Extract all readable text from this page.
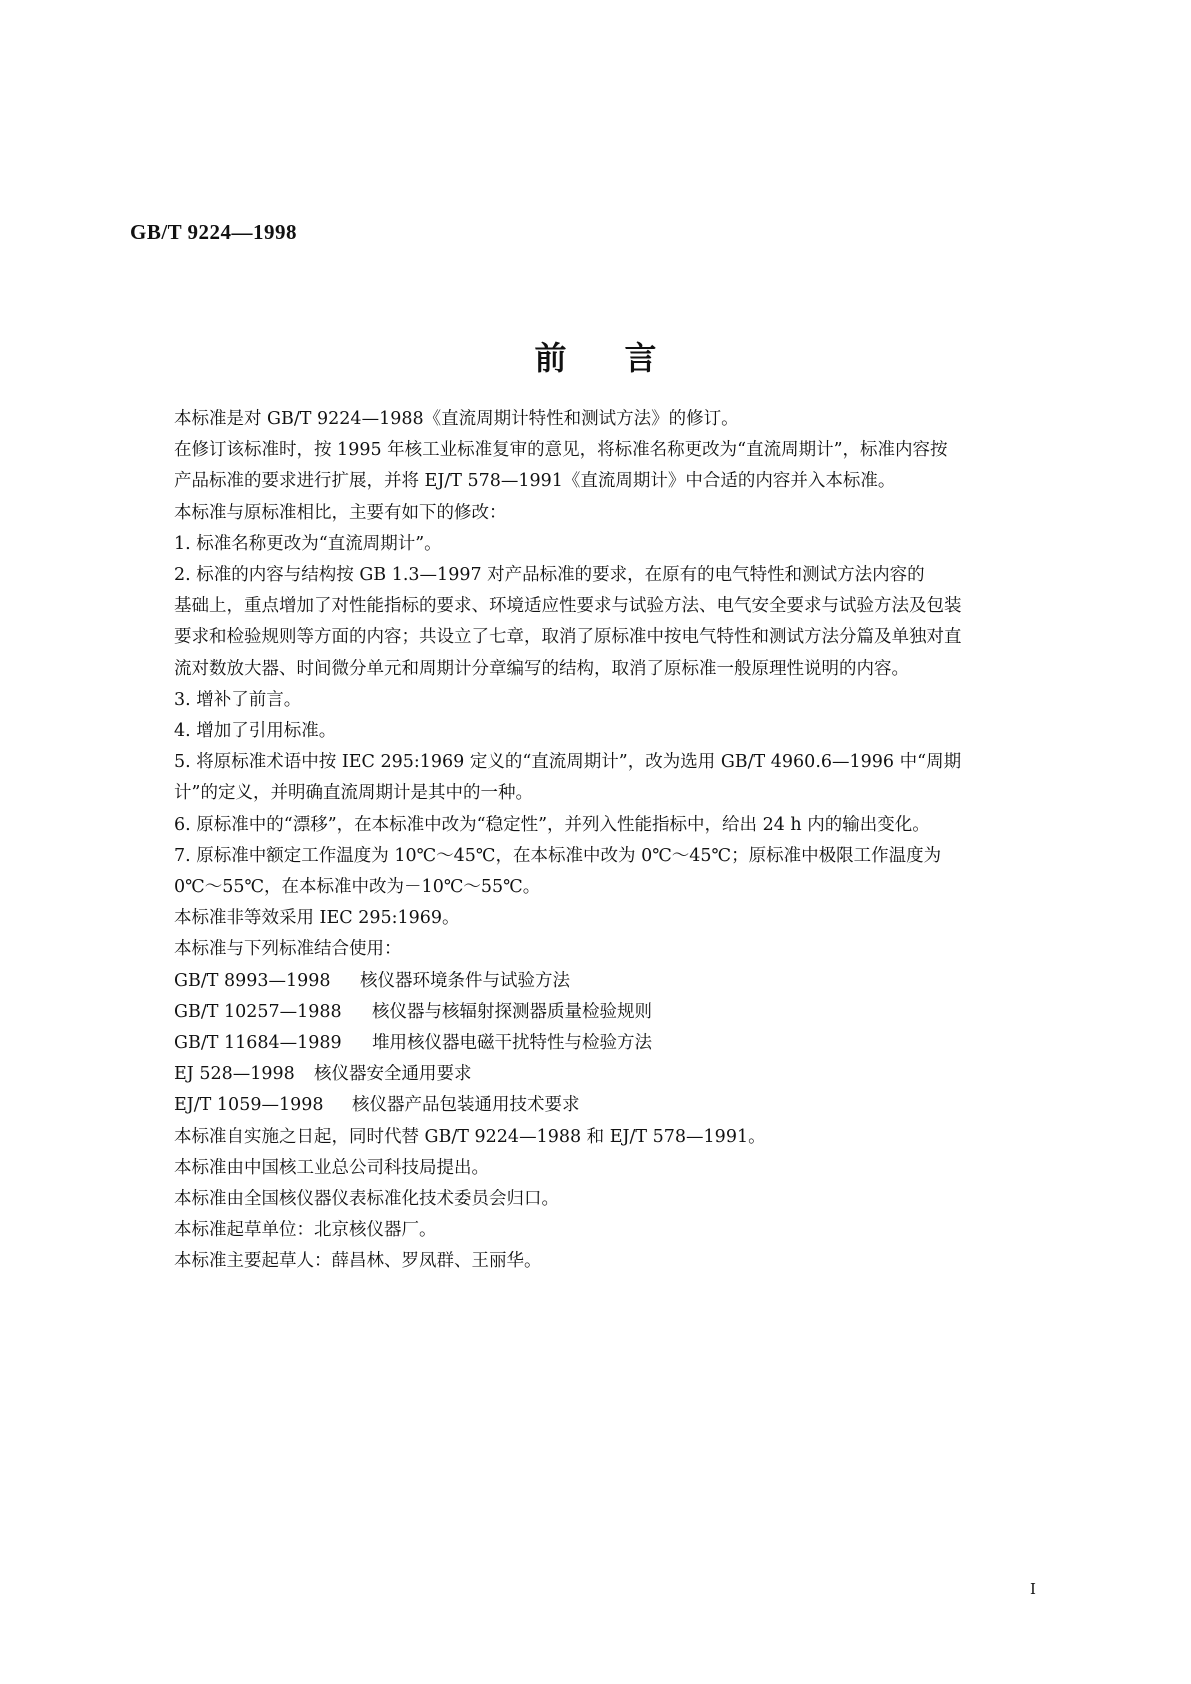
GB/T 9224—1998
前言

本标准是对 GB/T 9224—1988《直流周期计特性和测试方法》的修订。

在修订该标准时，按 1995 年核工业标准复审的意见，将标准名称更改为“直流周期计”，标准内容按

产品标准的要求进行扩展，并将 EJ/T 578—1991《直流周期计》中合适的内容并入本标准。

本标准与原标准相比，主要有如下的修改：

1. 标准名称更改为“直流周期计”。

2. 标准的内容与结构按 GB 1.3—1997 对产品标准的要求，在原有的电气特性和测试方法内容的

基础上，重点增加了对性能指标的要求、环境适应性要求与试验方法、电气安全要求与试验方法及包装

要求和检验规则等方面的内容；共设立了七章，取消了原标准中按电气特性和测试方法分篇及单独对直

流对数放大器、时间微分单元和周期计分章编写的结构，取消了原标准一般原理性说明的内容。

3. 增补了前言。

4. 增加了引用标准。

5. 将原标准术语中按 IEC 295:1969 定义的“直流周期计”，改为选用 GB/T 4960.6—1996 中“周期

计”的定义，并明确直流周期计是其中的一种。

6. 原标准中的“漂移”，在本标准中改为“稳定性”，并列入性能指标中，给出 24 h 内的输出变化。

7. 原标准中额定工作温度为 10℃～45℃，在本标准中改为 0℃～45℃；原标准中极限工作温度为

0℃～55℃，在本标准中改为－10℃～55℃。

本标准非等效采用 IEC 295:1969。

本标准与下列标准结合使用：

GB/T 8993—1998	核仪器环境条件与试验方法
GB/T 10257—1988	核仪器与核辐射探测器质量检验规则
GB/T 11684—1989	堆用核仪器电磁干扰特性与检验方法
EJ 528—1998	核仪器安全通用要求
EJ/T 1059—1998	核仪器产品包装通用技术要求

本标准自实施之日起，同时代替 GB/T 9224—1988 和 EJ/T 578—1991。

本标准由中国核工业总公司科技局提出。

本标准由全国核仪器仪表标准化技术委员会归口。

本标准起草单位：北京核仪器厂。

本标准主要起草人：薛昌林、罗凤群、王丽华。

I
